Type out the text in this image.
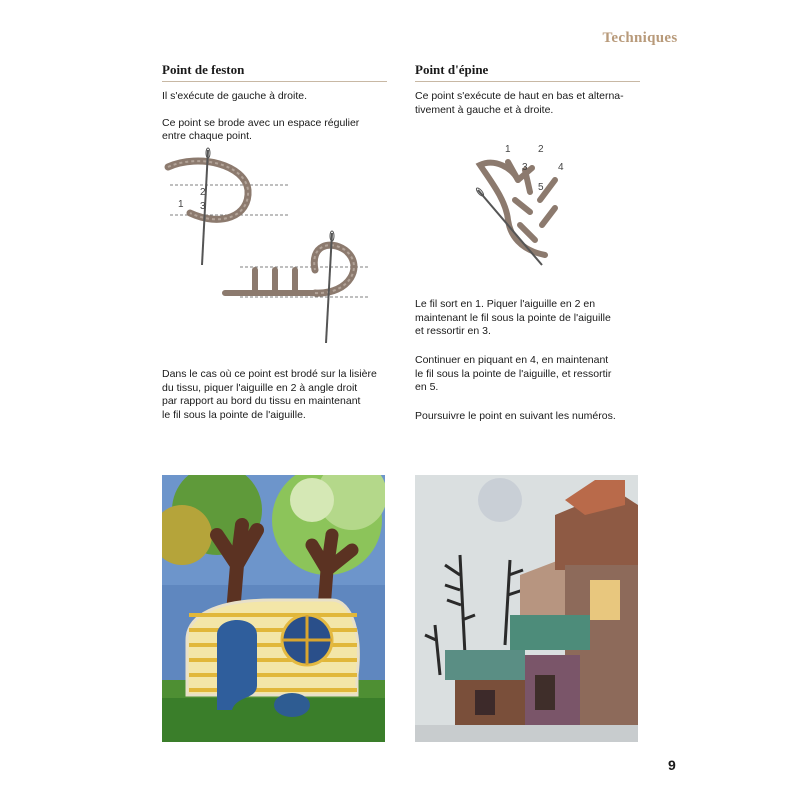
Techniques
Point de feston

Il s'exécute de gauche à droite.

Ce point se brode avec un espace régulier

entre chaque point.

1
2
3

Dans le cas où ce point est brodé sur la lisière

du tissu, piquer l'aiguille en 2 à angle droit

par rapport au bord du tissu en maintenant

le fil sous la pointe de l'aiguille.

Point d'épine

Ce point s'exécute de haut en bas et alterna-

tivement à gauche et à droite.

1	2
3	4
5

Le fil sort en 1. Piquer l'aiguille en 2 en

maintenant le fil sous la pointe de l'aiguille

et ressortir en 3.

Continuer en piquant en 4, en maintenant

le fil sous la pointe de l'aiguille, et ressortir

en 5.

Poursuivre le point en suivant les numéros.

9
